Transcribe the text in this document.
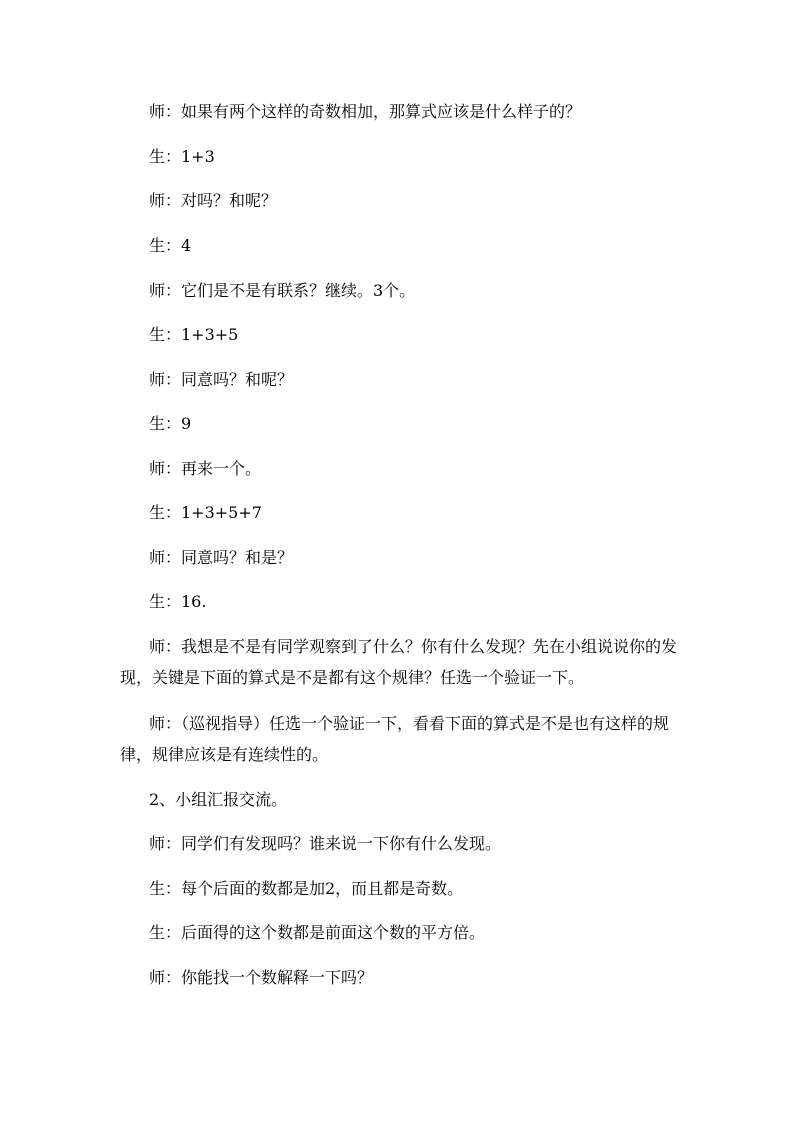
师：如果有两个这样的奇数相加，那算式应该是什么样子的？

生：1+3

师：对吗？和呢？

生：4

师：它们是不是有联系？继续。3个。

生：1+3+5

师：同意吗？和呢？

生：9

师：再来一个。

生：1+3+5+7

师：同意吗？和是？

生：16.

师：我想是不是有同学观察到了什么？你有什么发现？先在小组说说你的发现，关键是下面的算式是不是都有这个规律？任选一个验证一下。

师：（巡视指导）任选一个验证一下，看看下面的算式是不是也有这样的规律，规律应该是有连续性的。

2、小组汇报交流。

师：同学们有发现吗？谁来说一下你有什么发现。

生：每个后面的数都是加2，而且都是奇数。

生：后面得的这个数都是前面这个数的平方倍。

师：你能找一个数解释一下吗？
